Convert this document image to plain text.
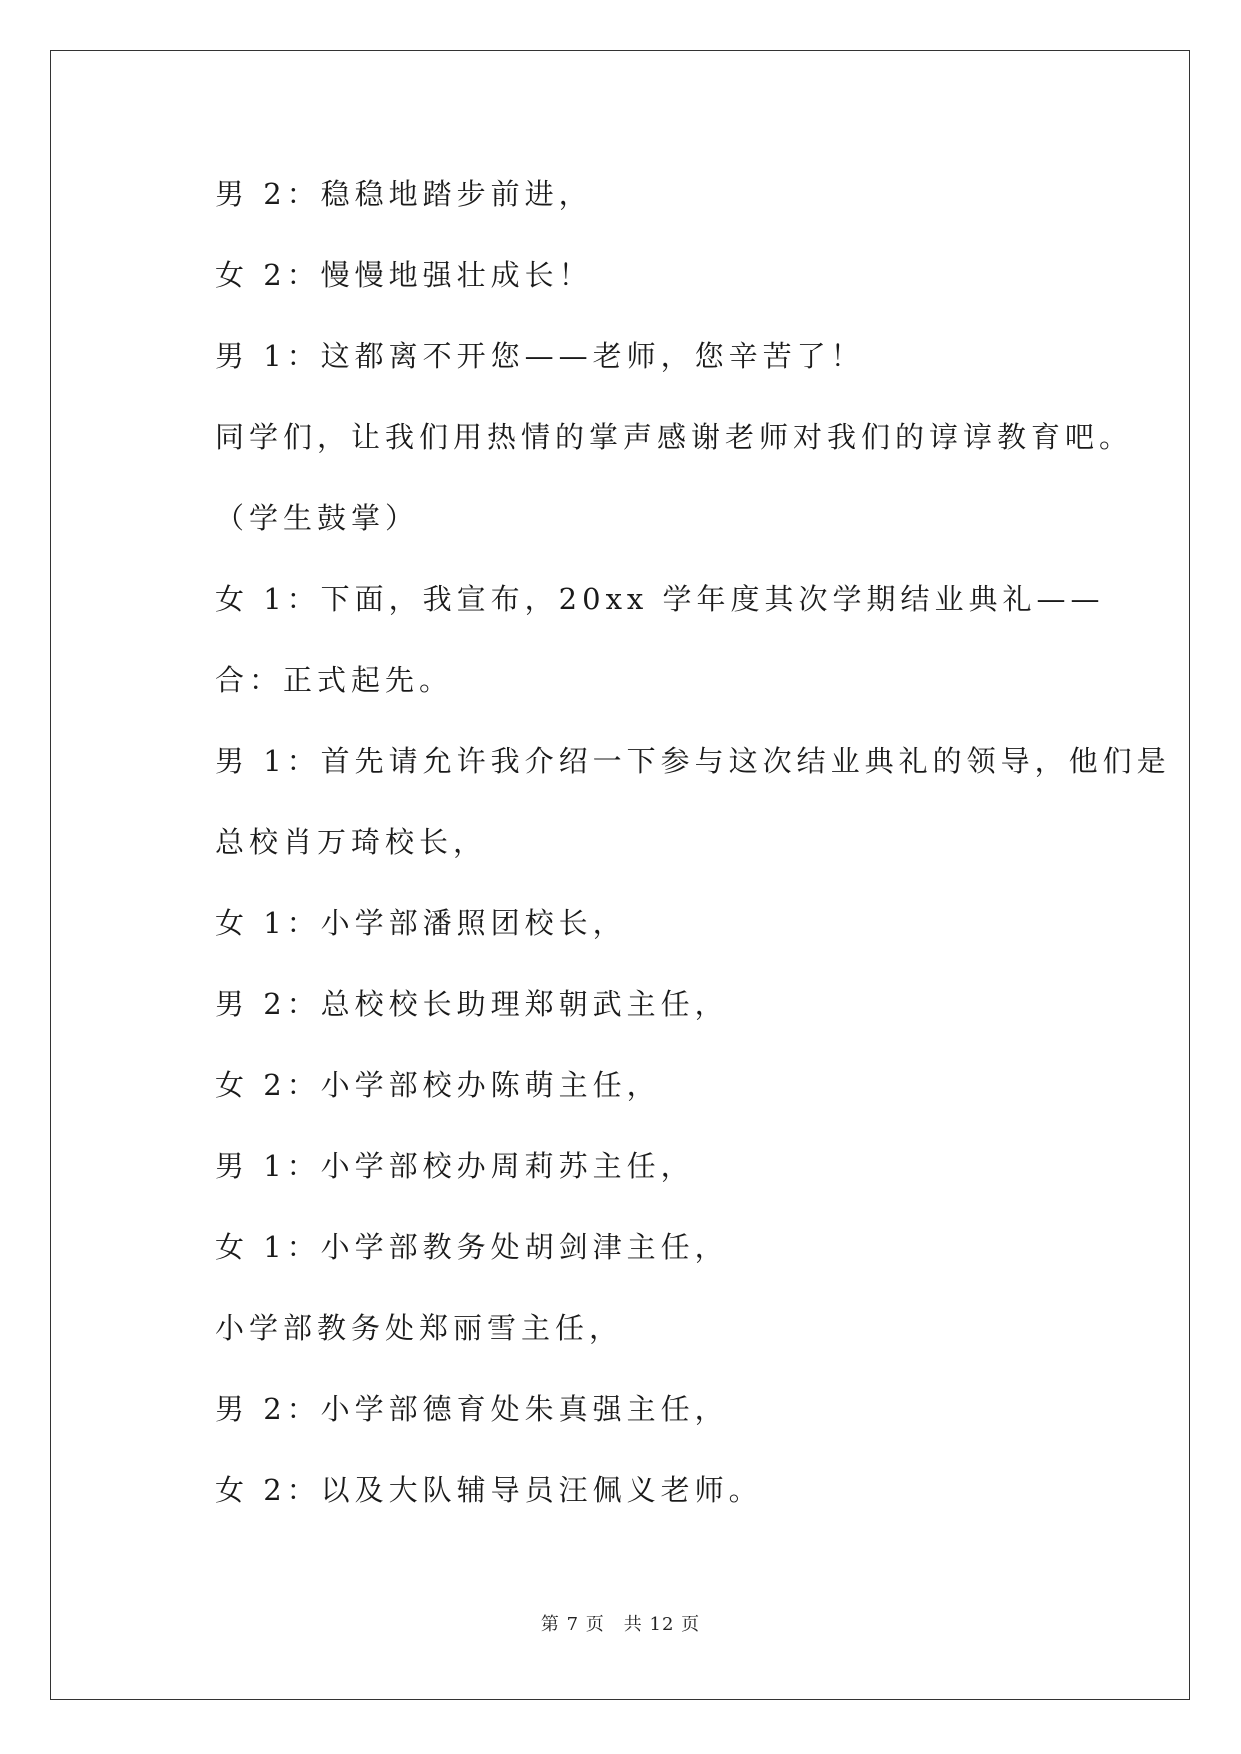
男 2：稳稳地踏步前进，
女 2：慢慢地强壮成长！
男 1：这都离不开您——老师，您辛苦了！
同学们，让我们用热情的掌声感谢老师对我们的谆谆教育吧。
（学生鼓掌）
女 1：下面，我宣布，20xx 学年度其次学期结业典礼——
合：正式起先。
男 1：首先请允许我介绍一下参与这次结业典礼的领导，他们是
总校肖万琦校长，
女 1：小学部潘照团校长，
男 2：总校校长助理郑朝武主任，
女 2：小学部校办陈萌主任，
男 1：小学部校办周莉苏主任，
女 1：小学部教务处胡剑津主任，
小学部教务处郑丽雪主任，
男 2：小学部德育处朱真强主任，
女 2：以及大队辅导员汪佩义老师。
第 7 页　共 12 页
